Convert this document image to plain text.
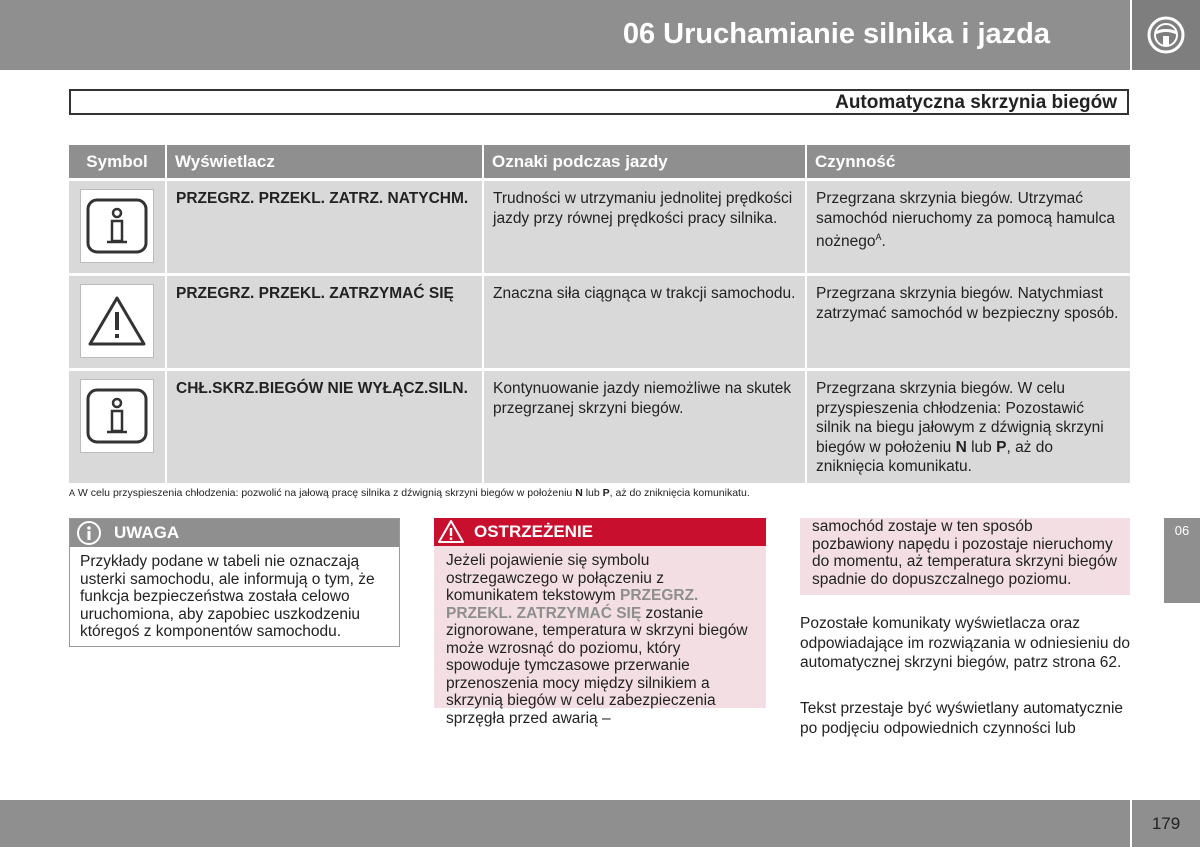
06 Uruchamianie silnika i jazda
Automatyczna skrzynia biegów
Symbol	Wyświetlacz	Oznaki podczas jazdy	Czynność

	PRZEGRZ. PRZEKL. ZATRZ. NATYCHM.	Trudności w utrzymaniu jednolitej prędkości jazdy przy równej prędkości pracy silnika.	Przegrzana skrzynia biegów. Utrzymać samochód nieruchomy za pomocą hamulca nożnego$^A$.

	PRZEGRZ. PRZEKL. ZATRZYMAĆ SIĘ	Znaczna siła ciągnąca w trakcji samochodu.	Przegrzana skrzynia biegów. Natychmiast zatrzymać samochód w bezpieczny sposób.

	CHŁ.SKRZ.BIEGÓW NIE WYŁĄCZ.SILN.	Kontynuowanie jazdy niemożliwe na skutek przegrzanej skrzyni biegów.	Przegrzana skrzynia biegów. W celu przyspieszenia chłodzenia: Pozostawić silnik na biegu jałowym z dźwignią skrzyni biegów w położeniu N lub P, aż do zniknięcia komunikatu.
A W celu przyspieszenia chłodzenia: pozwolić na jałową pracę silnika z dźwignią skrzyni biegów w położeniu N lub P, aż do zniknięcia komunikatu.
UWAGA
Przykłady podane w tabeli nie oznaczają usterki samochodu, ale informują o tym, że funkcja bezpieczeństwa została celowo uruchomiona, aby zapobiec uszkodzeniu któregoś z komponentów samochodu.
OSTRZEŻENIE
Jeżeli pojawienie się symbolu ostrzegawczego w połączeniu z komunikatem tekstowym PRZEGRZ. PRZEKL. ZATRZYMAĆ SIĘ zostanie zignorowane, temperatura w skrzyni biegów może wzrosnąć do poziomu, który spowoduje tymczasowe przerwanie przenoszenia mocy między silnikiem a skrzynią biegów w celu zabezpieczenia sprzęgła przed awarią –
samochód zostaje w ten sposób pozbawiony napędu i pozostaje nieruchomy do momentu, aż temperatura skrzyni biegów spadnie do dopuszczalnego poziomu.
Pozostałe komunikaty wyświetlacza oraz odpowiadające im rozwiązania w odniesieniu do automatycznej skrzyni biegów, patrz strona 62.
Tekst przestaje być wyświetlany automatycznie po podjęciu odpowiednich czynności lub
06
179
